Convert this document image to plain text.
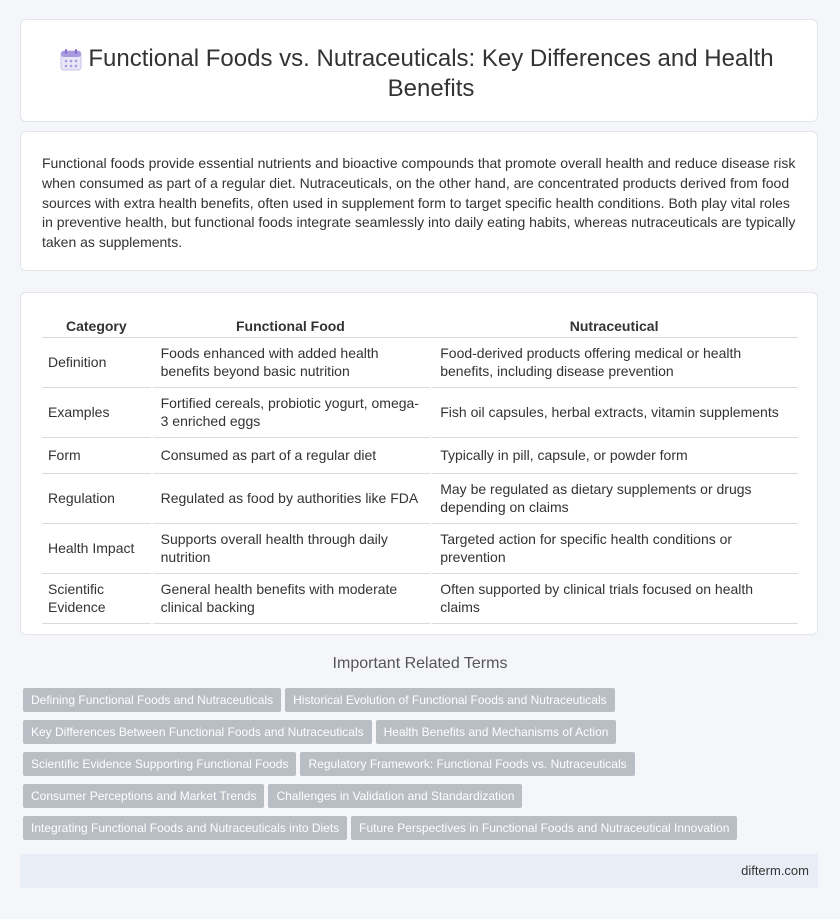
Functional Foods vs. Nutraceuticals: Key Differences and Health Benefits

Functional foods provide essential nutrients and bioactive compounds that promote overall health and reduce disease risk when consumed as part of a regular diet. Nutraceuticals, on the other hand, are concentrated products derived from food sources with extra health benefits, often used in supplement form to target specific health conditions. Both play vital roles in preventive health, but functional foods integrate seamlessly into daily eating habits, whereas nutraceuticals are typically taken as supplements.

Category	Functional Food	Nutraceutical
Definition	Foods enhanced with added health benefits beyond basic nutrition	Food-derived products offering medical or health benefits, including disease prevention
Examples	Fortified cereals, probiotic yogurt, omega-3 enriched eggs	Fish oil capsules, herbal extracts, vitamin supplements
Form	Consumed as part of a regular diet	Typically in pill, capsule, or powder form
Regulation	Regulated as food by authorities like FDA	May be regulated as dietary supplements or drugs depending on claims
Health Impact	Supports overall health through daily nutrition	Targeted action for specific health conditions or prevention
Scientific Evidence	General health benefits with moderate clinical backing	Often supported by clinical trials focused on health claims
Important Related Terms
Defining Functional Foods and Nutraceuticals Historical Evolution of Functional Foods and Nutraceuticals
Key Differences Between Functional Foods and Nutraceuticals Health Benefits and Mechanisms of Action
Scientific Evidence Supporting Functional Foods Regulatory Framework: Functional Foods vs. Nutraceuticals
Consumer Perceptions and Market Trends Challenges in Validation and Standardization
Integrating Functional Foods and Nutraceuticals into Diets Future Perspectives in Functional Foods and Nutraceutical Innovation
difterm.com
